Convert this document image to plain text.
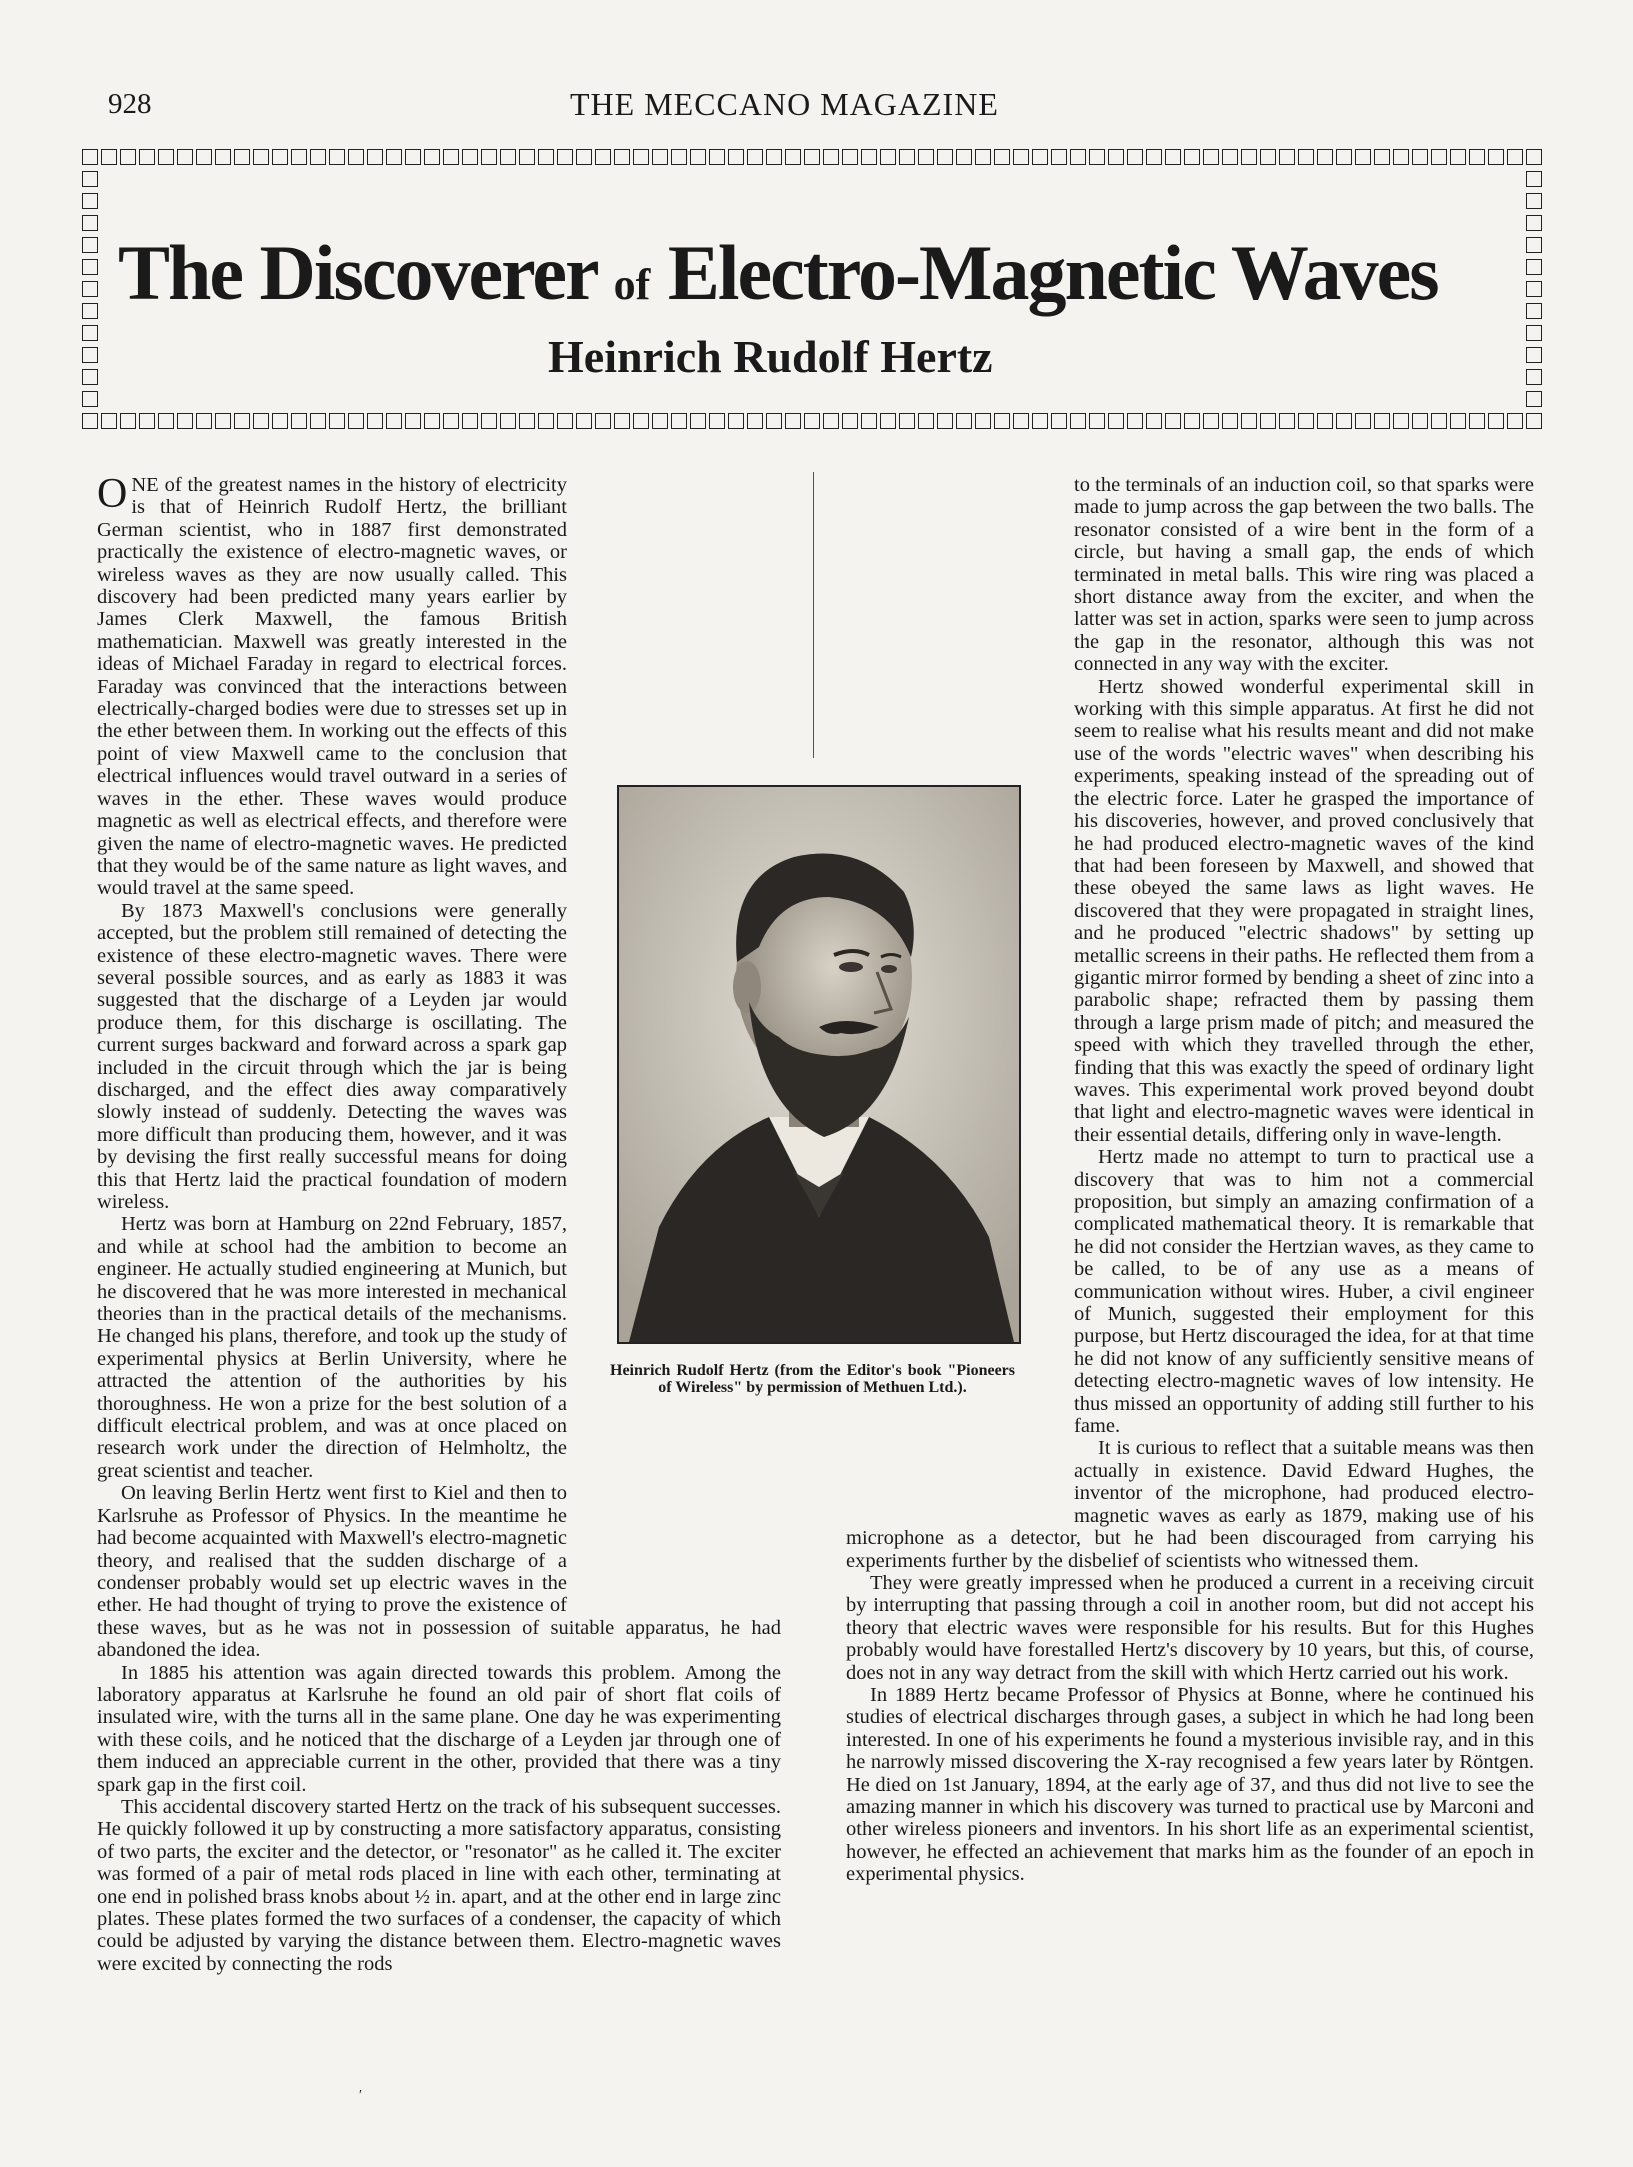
928	THE MECCANO MAGAZINE
The Discoverer of Electro-Magnetic Waves
Heinrich Rudolf Hertz

ONE of the greatest names in the history of electricity is that of Heinrich Rudolf Hertz, the brilliant German scientist, who in 1887 first demonstrated practically the existence of electro-magnetic waves, or wireless waves as they are now usually called. This discovery had been predicted many years earlier by James Clerk Maxwell, the famous British mathematician. Maxwell was greatly interested in the ideas of Michael Faraday in regard to electrical forces. Faraday was convinced that the interactions between electrically-charged bodies were due to stresses set up in the ether between them. In working out the effects of this point of view Maxwell came to the conclusion that electrical influences would travel outward in a series of waves in the ether. These waves would produce magnetic as well as electrical effects, and therefore were given the name of electro-magnetic waves. He predicted that they would be of the same nature as light waves, and would travel at the same speed.

By 1873 Maxwell's conclusions were generally accepted, but the problem still remained of detecting the existence of these electro-magnetic waves. There were several possible sources, and as early as 1883 it was suggested that the discharge of a Leyden jar would produce them, for this discharge is oscillating. The current surges backward and forward across a spark gap included in the circuit through which the jar is being discharged, and the effect dies away comparatively slowly instead of suddenly. Detecting the waves was more difficult than producing them, however, and it was by devising the first really successful means for doing this that Hertz laid the practical foundation of modern wireless.

Hertz was born at Hamburg on 22nd February, 1857, and while at school had the ambition to become an engineer. He actually studied engineering at Munich, but he discovered that he was more interested in mechanical theories than in the practical details of the mechanisms. He changed his plans, therefore, and took up the study of experimental physics at Berlin University, where he attracted the attention of the authorities by his thoroughness. He won a prize for the best solution of a difficult electrical problem, and was at once placed on research work under the direction of Helmholtz, the great scientist and teacher.

On leaving Berlin Hertz went first to Kiel and then to Karlsruhe as Professor of Physics. In the meantime he had become acquainted with Maxwell's electro-magnetic theory, and realised that the sudden discharge of a condenser probably would set up electric waves in the ether. He had thought of trying to prove the existence of these waves, but as he was not in possession of suitable apparatus, he had abandoned the idea.

In 1885 his attention was again directed towards this problem. Among the laboratory apparatus at Karlsruhe he found an old pair of short flat coils of insulated wire, with the turns all in the same plane. One day he was experimenting with these coils, and he noticed that the discharge of a Leyden jar through one of them induced an appreciable current in the other, provided that there was a tiny spark gap in the first coil.

This accidental discovery started Hertz on the track of his subsequent successes. He quickly followed it up by constructing a more satisfactory apparatus, consisting of two parts, the exciter and the detector, or "resonator" as he called it. The exciter was formed of a pair of metal rods placed in line with each other, terminating at one end in polished brass knobs about ½ in. apart, and at the other end in large zinc plates. These plates formed the two surfaces of a condenser, the capacity of which could be adjusted by varying the distance between them. Electro-magnetic waves were excited by connecting the rods

to the terminals of an induction coil, so that sparks were made to jump across the gap between the two balls. The resonator consisted of a wire bent in the form of a circle, but having a small gap, the ends of which terminated in metal balls. This wire ring was placed a short distance away from the exciter, and when the latter was set in action, sparks were seen to jump across the gap in the resonator, although this was not connected in any way with the exciter.

Hertz showed wonderful experimental skill in working with this simple apparatus. At first he did not seem to realise what his results meant and did not make use of the words "electric waves" when describing his experiments, speaking instead of the spreading out of the electric force. Later he grasped the importance of his discoveries, however, and proved conclusively that he had produced electro-magnetic waves of the kind that had been foreseen by Maxwell, and showed that these obeyed the same laws as light waves. He discovered that they were propagated in straight lines, and he produced "electric shadows" by setting up metallic screens in their paths. He reflected them from a gigantic mirror formed by bending a sheet of zinc into a parabolic shape; refracted them by passing them through a large prism made of pitch; and measured the speed with which they travelled through the ether, finding that this was exactly the speed of ordinary light waves. This experimental work proved beyond doubt that light and electro-magnetic waves were identical in their essential details, differing only in wave-length.

Hertz made no attempt to turn to practical use a discovery that was to him not a commercial proposition, but simply an amazing confirmation of a complicated mathematical theory. It is remarkable that he did not consider the Hertzian waves, as they came to be called, to be of any use as a means of communication without wires. Huber, a civil engineer of Munich, suggested their employment for this purpose, but Hertz discouraged the idea, for at that time he did not know of any sufficiently sensitive means of detecting electro-magnetic waves of low intensity. He thus missed an opportunity of adding still further to his fame.

It is curious to reflect that a suitable means was then actually in existence. David Edward Hughes, the inventor of the microphone, had produced electro-magnetic waves as early as 1879, making use of his microphone as a detector, but he had been discouraged from carrying his experiments further by the disbelief of scientists who witnessed them.

They were greatly impressed when he produced a current in a receiving circuit by interrupting that passing through a coil in another room, but did not accept his theory that electric waves were responsible for his results. But for this Hughes probably would have forestalled Hertz's discovery by 10 years, but this, of course, does not in any way detract from the skill with which Hertz carried out his work.

In 1889 Hertz became Professor of Physics at Bonne, where he continued his studies of electrical discharges through gases, a subject in which he had long been interested. In one of his experiments he found a mysterious invisible ray, and in this he narrowly missed discovering the X-ray recognised a few years later by Röntgen. He died on 1st January, 1894, at the early age of 37, and thus did not live to see the amazing manner in which his discovery was turned to practical use by Marconi and other wireless pioneers and inventors. In his short life as an experimental scientist, however, he effected an achievement that marks him as the founder of an epoch in experimental physics.

Heinrich Rudolf Hertz (from the Editor's book "Pioneers of Wireless" by permission of Methuen Ltd.).
′
